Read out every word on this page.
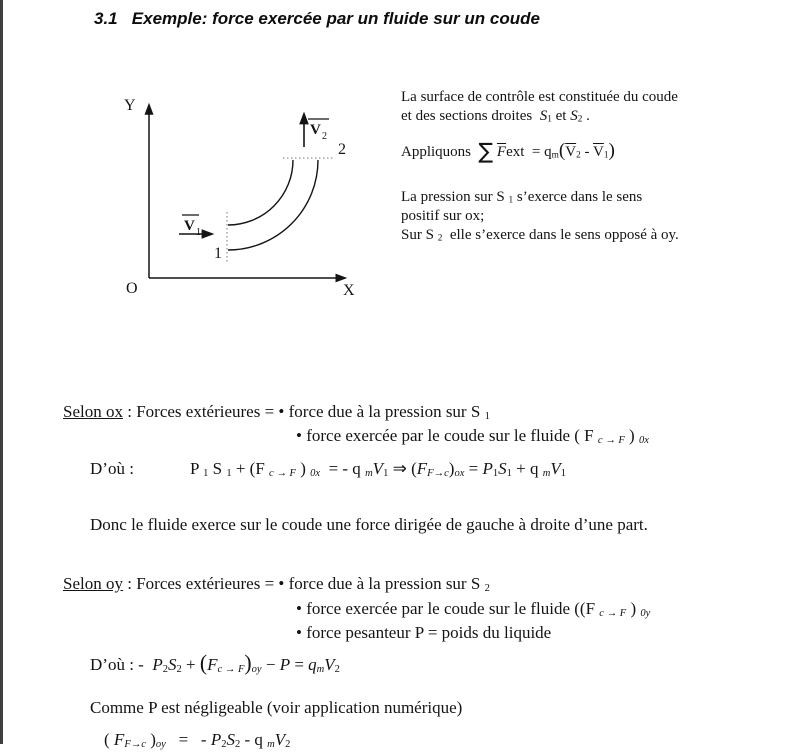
3.1   Exemple: force exercée par un fluide sur un coude
V 1
V 2
Y
X
O
1
2
La surface de contrôle est constituée du coude
et des sections droites  S1 et S2 .
Appliquons  ∑ $\overline{F}ext = qm(\overline{V}2 - \overline{V}1)$
La pression sur S 1 s’exerce dans le sens
positif sur ox;
Sur S 2  elle s’exerce dans le sens opposé à oy.
Selon ox : Forces extérieures = • force due à la pression sur S 1
• force exercée par le coude sur le fluide ( F c → F ) 0x
D’où :	P 1 S 1 + (F c → F ) 0x  = - q mV1 ⇒ (FF→c)ox = P1S1 + q mV1
Donc le fluide exerce sur le coude une force dirigée de gauche à droite d’une part.
Selon oy : Forces extérieures = • force due à la pression sur S 2
• force exercée par le coude sur le fluide ((F c → F ) 0y
• force pesanteur P = poids du liquide
D’où : -  P2S2 + (Fc → F)oy − P = qmV2
Comme P est négligeable (voir application numérique)
( FF→c )oy   =   - P2S2 - q mV2
